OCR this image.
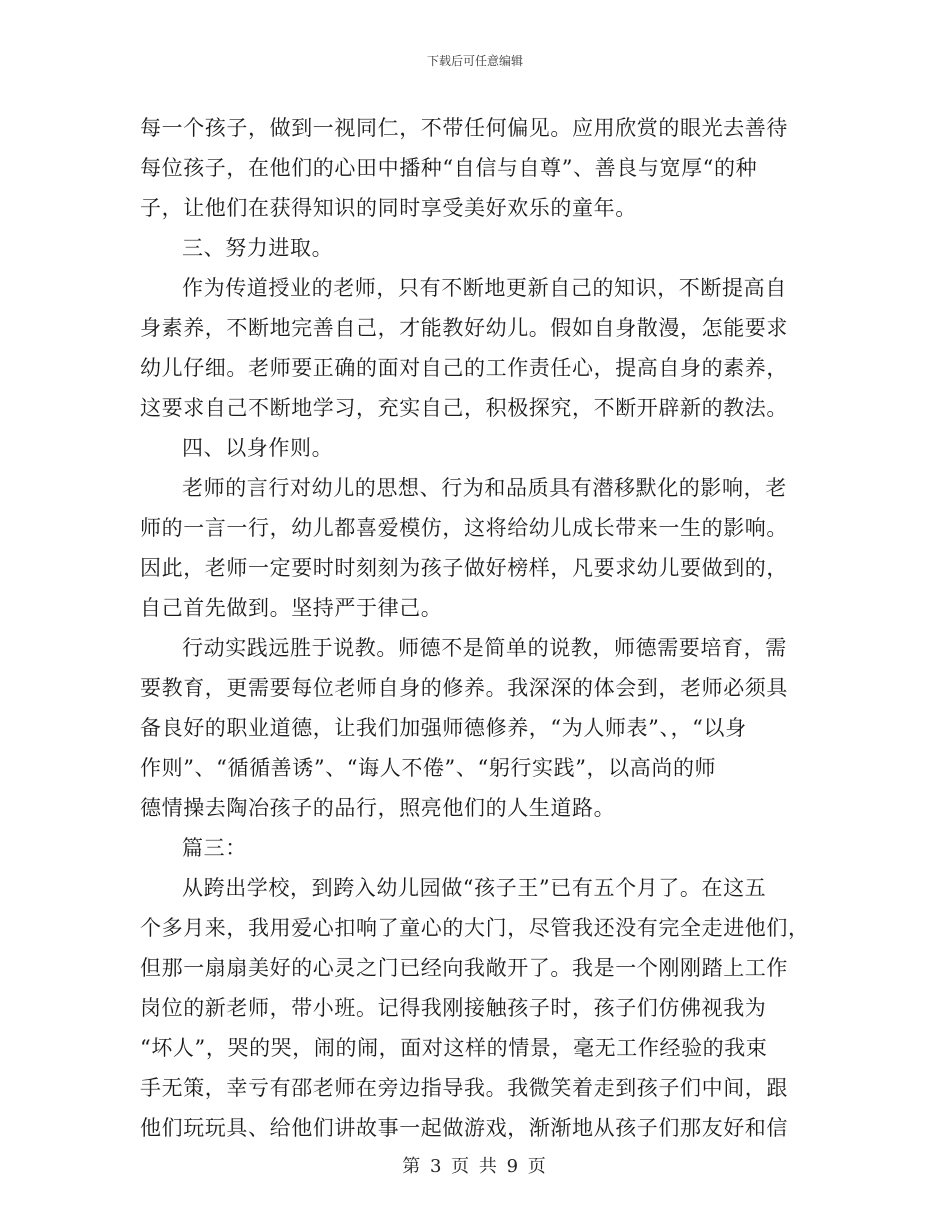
下载后可任意编辑
每一个孩子，做到一视同仁，不带任何偏见。应用欣赏的眼光去善待
每位孩子，在他们的心田中播种“自信与自尊”、善良与宽厚“的种
子，让他们在获得知识的同时享受美好欢乐的童年。
三、努力进取。
作为传道授业的老师，只有不断地更新自己的知识，不断提高自
身素养，不断地完善自己，才能教好幼儿。假如自身散漫，怎能要求
幼儿仔细。老师要正确的面对自己的工作责任心，提高自身的素养，
这要求自己不断地学习，充实自己，积极探究，不断开辟新的教法。
四、以身作则。
老师的言行对幼儿的思想、行为和品质具有潜移默化的影响，老
师的一言一行，幼儿都喜爱模仿，这将给幼儿成长带来一生的影响。
因此，老师一定要时时刻刻为孩子做好榜样，凡要求幼儿要做到的，
自己首先做到。坚持严于律己。
行动实践远胜于说教。师德不是简单的说教，师德需要培育，需
要教育，更需要每位老师自身的修养。我深深的体会到，老师必须具
备良好的职业道德，让我们加强师德修养，“为人师表”、，“以身
作则”、“循循善诱”、“诲人不倦”、“躬行实践”，以高尚的师
德情操去陶冶孩子的品行，照亮他们的人生道路。
篇三：
从跨出学校，到跨入幼儿园做“孩子王”已有五个月了。在这五
个多月来，我用爱心扣响了童心的大门，尽管我还没有完全走进他们，
但那一扇扇美好的心灵之门已经向我敞开了。我是一个刚刚踏上工作
岗位的新老师，带小班。记得我刚接触孩子时，孩子们仿佛视我为
“坏人”，哭的哭，闹的闹，面对这样的情景，毫无工作经验的我束
手无策，幸亏有邵老师在旁边指导我。我微笑着走到孩子们中间，跟
他们玩玩具、给他们讲故事一起做游戏，渐渐地从孩子们那友好和信
第 3 页 共 9 页
